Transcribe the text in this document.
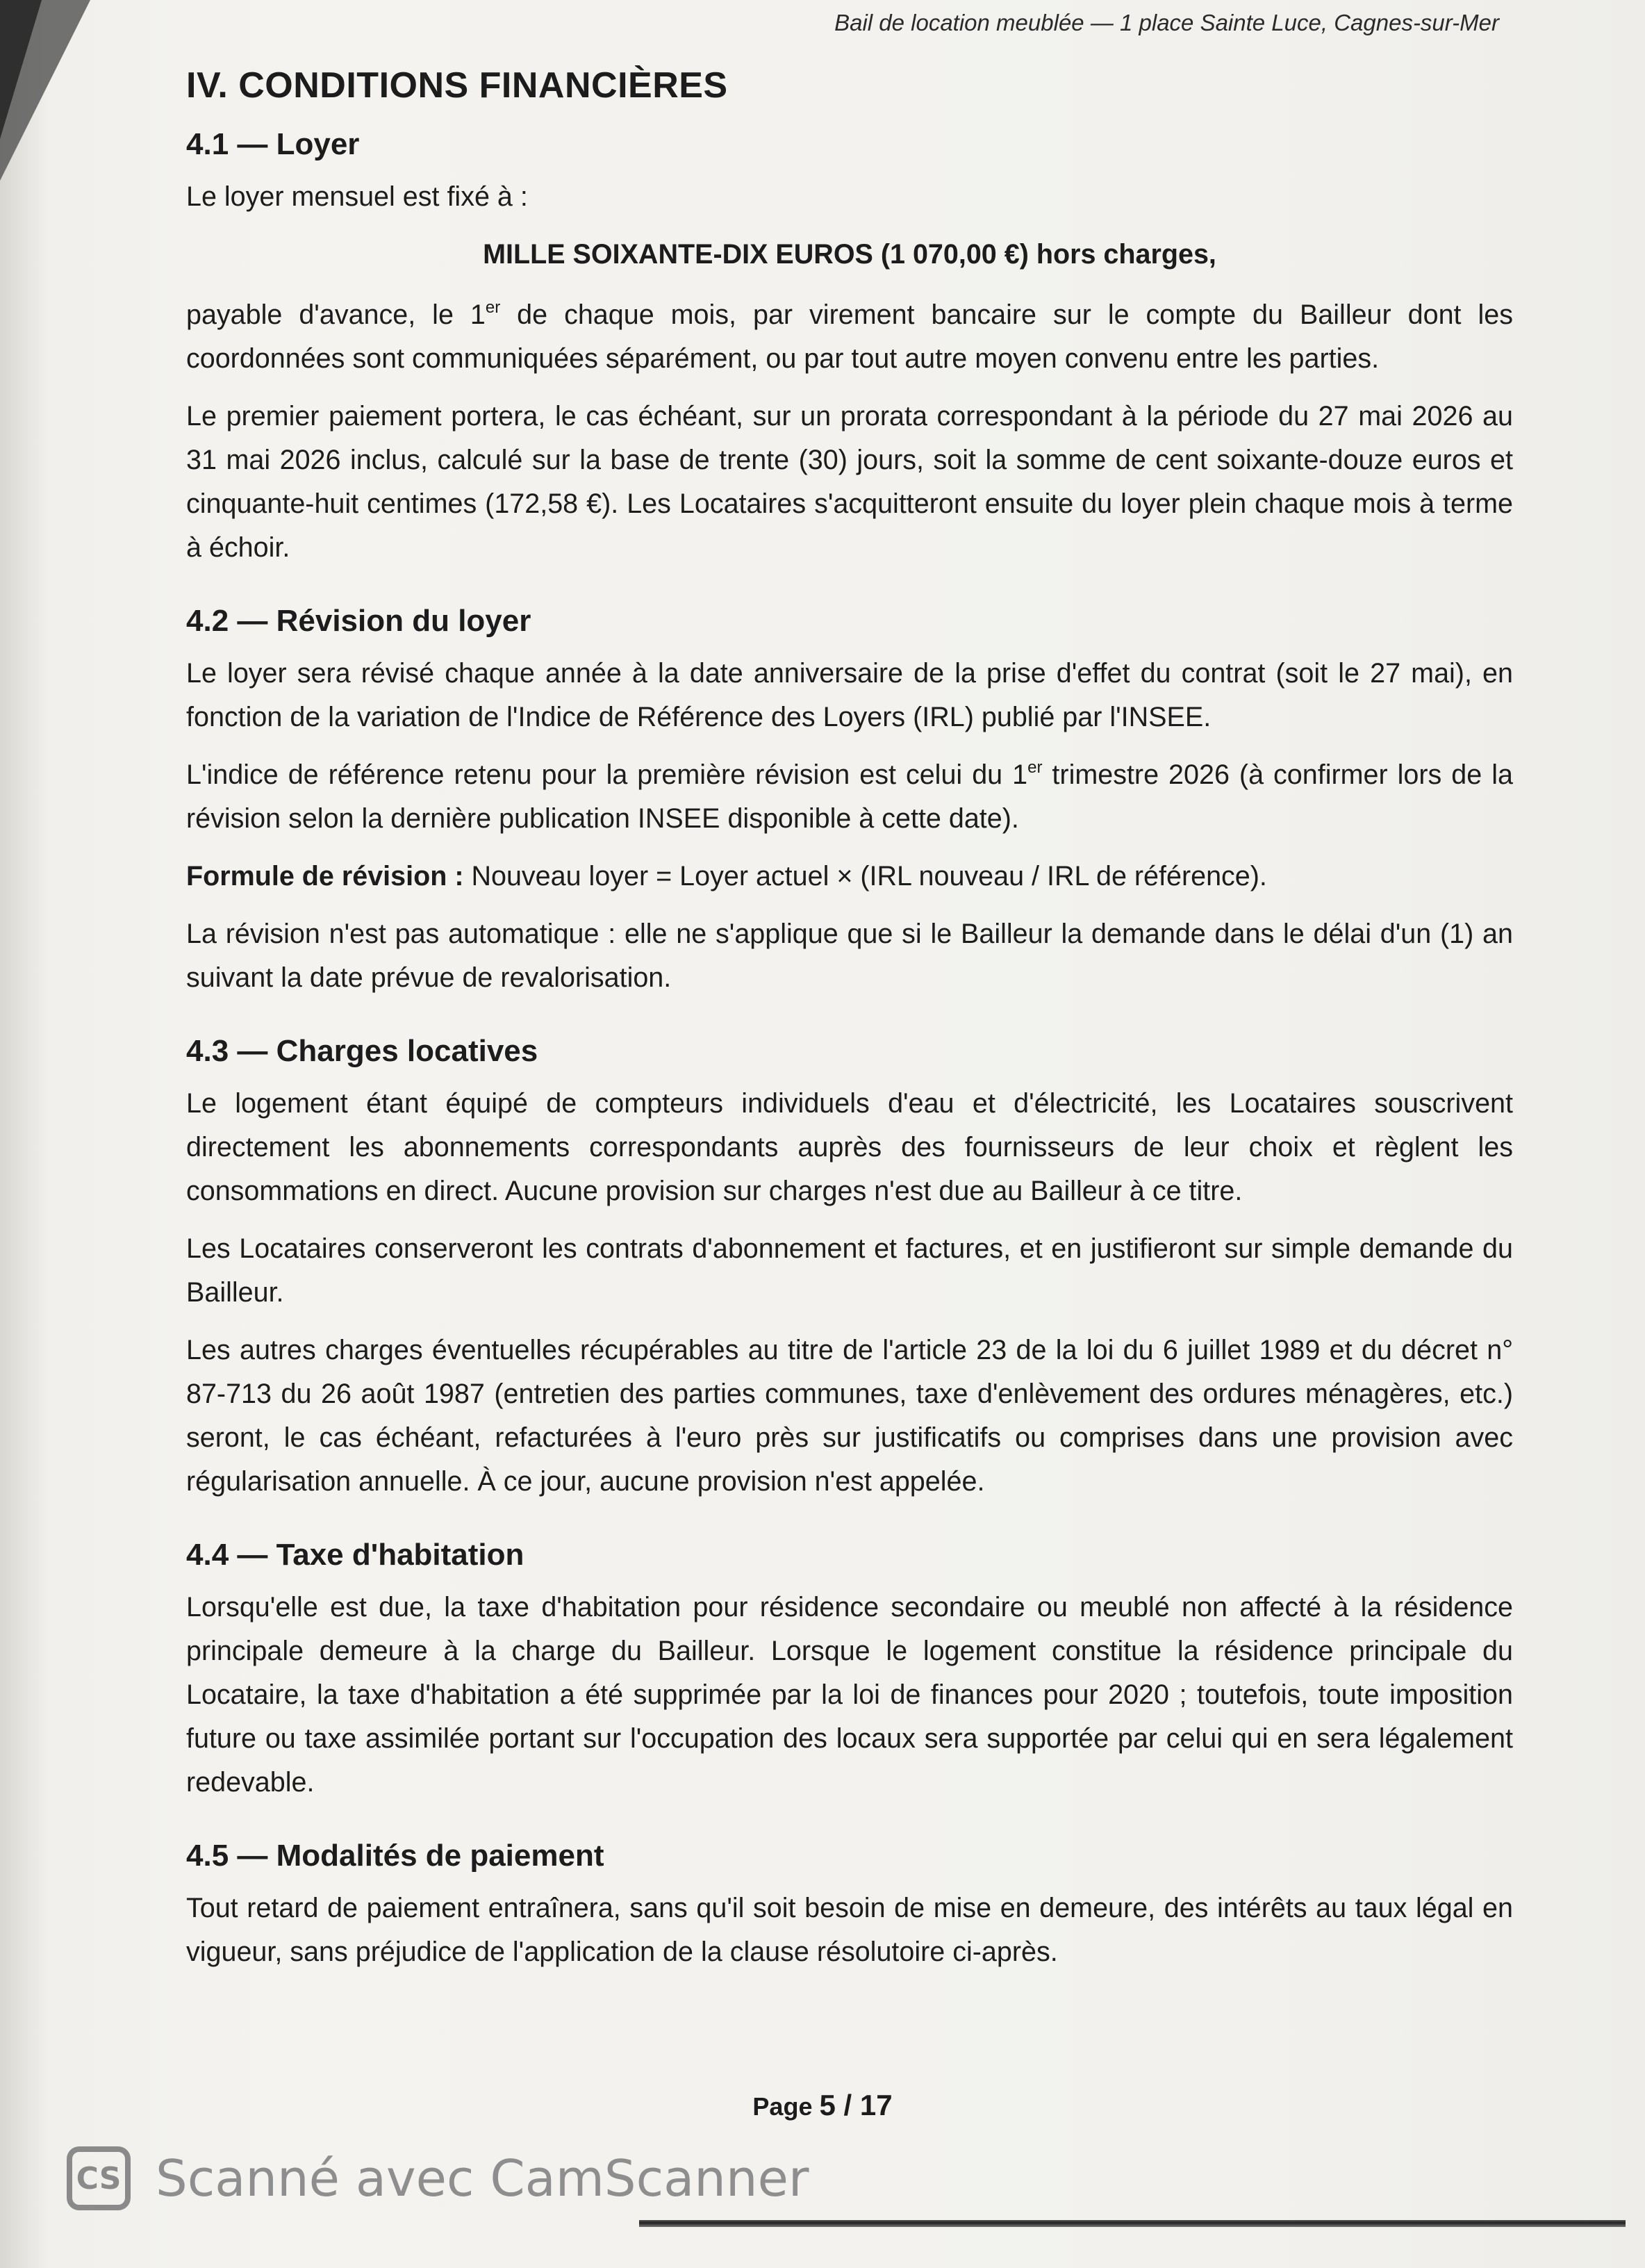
Bail de location meublée — 1 place Sainte Luce, Cagnes-sur-Mer
IV. CONDITIONS FINANCIÈRES
4.1 — Loyer

Le loyer mensuel est fixé à :

MILLE SOIXANTE-DIX EUROS (1 070,00 €) hors charges,

payable d'avance, le 1er de chaque mois, par virement bancaire sur le compte du Bailleur dont les coordonnées sont communiquées séparément, ou par tout autre moyen convenu entre les parties.

Le premier paiement portera, le cas échéant, sur un prorata correspondant à la période du 27 mai 2026 au 31 mai 2026 inclus, calculé sur la base de trente (30) jours, soit la somme de cent soixante-douze euros et cinquante-huit centimes (172,58 €). Les Locataires s'acquitteront ensuite du loyer plein chaque mois à terme à échoir.

4.2 — Révision du loyer

Le loyer sera révisé chaque année à la date anniversaire de la prise d'effet du contrat (soit le 27 mai), en fonction de la variation de l'Indice de Référence des Loyers (IRL) publié par l'INSEE.

L'indice de référence retenu pour la première révision est celui du 1er trimestre 2026 (à confirmer lors de la révision selon la dernière publication INSEE disponible à cette date).

Formule de révision : Nouveau loyer = Loyer actuel × (IRL nouveau / IRL de référence).

La révision n'est pas automatique : elle ne s'applique que si le Bailleur la demande dans le délai d'un (1) an suivant la date prévue de revalorisation.

4.3 — Charges locatives

Le logement étant équipé de compteurs individuels d'eau et d'électricité, les Locataires souscrivent directement les abonnements correspondants auprès des fournisseurs de leur choix et règlent les consommations en direct. Aucune provision sur charges n'est due au Bailleur à ce titre.

Les Locataires conserveront les contrats d'abonnement et factures, et en justifieront sur simple demande du Bailleur.

Les autres charges éventuelles récupérables au titre de l'article 23 de la loi du 6 juillet 1989 et du décret n° 87-713 du 26 août 1987 (entretien des parties communes, taxe d'enlèvement des ordures ménagères, etc.) seront, le cas échéant, refacturées à l'euro près sur justificatifs ou comprises dans une provision avec régularisation annuelle. À ce jour, aucune provision n'est appelée.

4.4 — Taxe d'habitation

Lorsqu'elle est due, la taxe d'habitation pour résidence secondaire ou meublé non affecté à la résidence principale demeure à la charge du Bailleur. Lorsque le logement constitue la résidence principale du Locataire, la taxe d'habitation a été supprimée par la loi de finances pour 2020 ; toutefois, toute imposition future ou taxe assimilée portant sur l'occupation des locaux sera supportée par celui qui en sera légalement redevable.

4.5 — Modalités de paiement

Tout retard de paiement entraînera, sans qu'il soit besoin de mise en demeure, des intérêts au taux légal en vigueur, sans préjudice de l'application de la clause résolutoire ci-après.

Page 5 / 17
CS Scanné avec CamScanner
